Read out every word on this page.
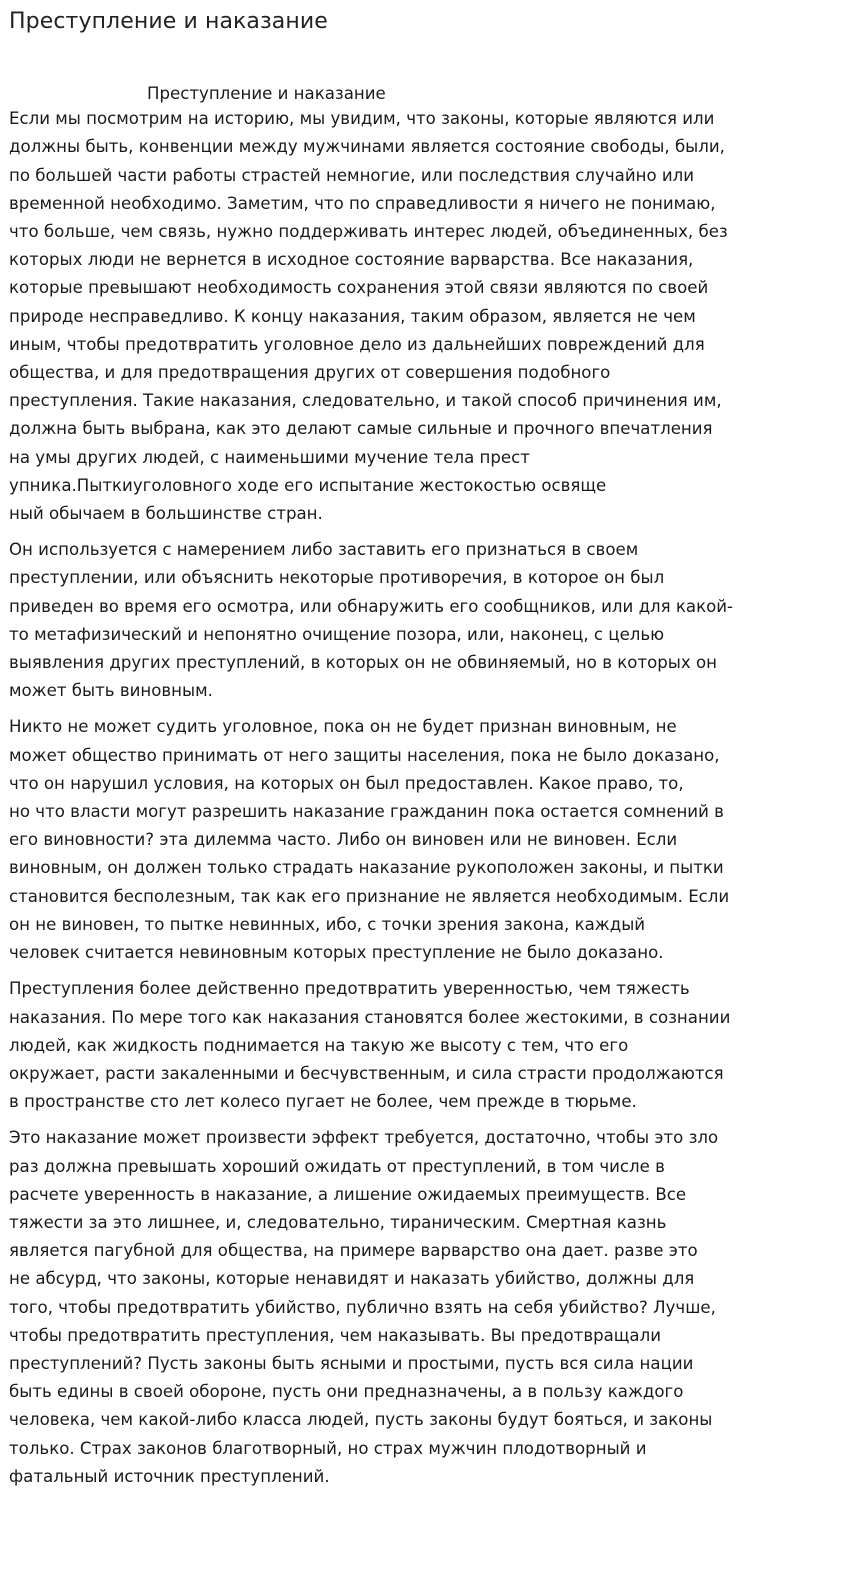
Преступление и наказание
Преступление и наказание

Если мы посмотрим на историю, мы увидим, что законы, которые являются или
должны быть, конвенции между мужчинами является состояние свободы, были,
по большей части работы страстей немногие, или последствия случайно или
временной необходимо. Заметим, что по справедливости я ничего не понимаю,
что больше, чем связь, нужно поддерживать интерес людей, объединенных, без
которых люди не вернется в исходное состояние варварства. Все наказания,
которые превышают необходимость сохранения этой связи являются по своей
природе несправедливо. К концу наказания, таким образом, является не чем
иным, чтобы предотвратить уголовное дело из дальнейших повреждений для
общества, и для предотвращения других от совершения подобного
преступления. Такие наказания, следовательно, и такой способ причинения им,
должна быть выбрана, как это делают самые сильные и прочного впечатления
на умы других людей, с наименьшими мучение тела прест
упника.Пыткиуголовного ходе его испытание жестокостью освяще
ный обычаем в большинстве стран.

Он используется с намерением либо заставить его признаться в своем
преступлении, или объяснить некоторые противоречия, в которое он был
приведен во время его осмотра, или обнаружить его сообщников, или для какой-
то метафизический и непонятно очищение позора, или, наконец, с целью
выявления других преступлений, в которых он не обвиняемый, но в которых он
может быть виновным.

Никто не может судить уголовное, пока он не будет признан виновным, не
может общество принимать от него защиты населения, пока не было доказано,
что он нарушил условия, на которых он был предоставлен. Какое право, то,
но что власти могут разрешить наказание гражданин пока остается сомнений в
его виновности? эта дилемма часто. Либо он виновен или не виновен. Если
виновным, он должен только страдать наказание рукоположен законы, и пытки
становится бесполезным, так как его признание не является необходимым. Если
он не виновен, то пытке невинных, ибо, с точки зрения закона, каждый
человек считается невиновным которых преступление не было доказано.

Преступления более действенно предотвратить уверенностью, чем тяжесть
наказания. По мере того как наказания становятся более жестокими, в сознании
людей, как жидкость поднимается на такую же высоту с тем, что его
окружает, расти закаленными и бесчувственным, и сила страсти продолжаются
в пространстве сто лет колесо пугает не более, чем прежде в тюрьме.

Это наказание может произвести эффект требуется, достаточно, чтобы это зло
раз должна превышать хороший ожидать от преступлений, в том числе в
расчете уверенность в наказание, а лишение ожидаемых преимуществ. Все
тяжести за это лишнее, и, следовательно, тираническим. Смертная казнь
является пагубной для общества, на примере варварство она дает. разве это
не абсурд, что законы, которые ненавидят и наказать убийство, должны для
того, чтобы предотвратить убийство, публично взять на себя убийство? Лучше,
чтобы предотвратить преступления, чем наказывать. Вы предотвращали
преступлений? Пусть законы быть ясными и простыми, пусть вся сила нации
быть едины в своей обороне, пусть они предназначены, а в пользу каждого
человека, чем какой-либо класса людей, пусть законы будут бояться, и законы
только. Страх законов благотворный, но страх мужчин плодотворный и
фатальный источник преступлений.
